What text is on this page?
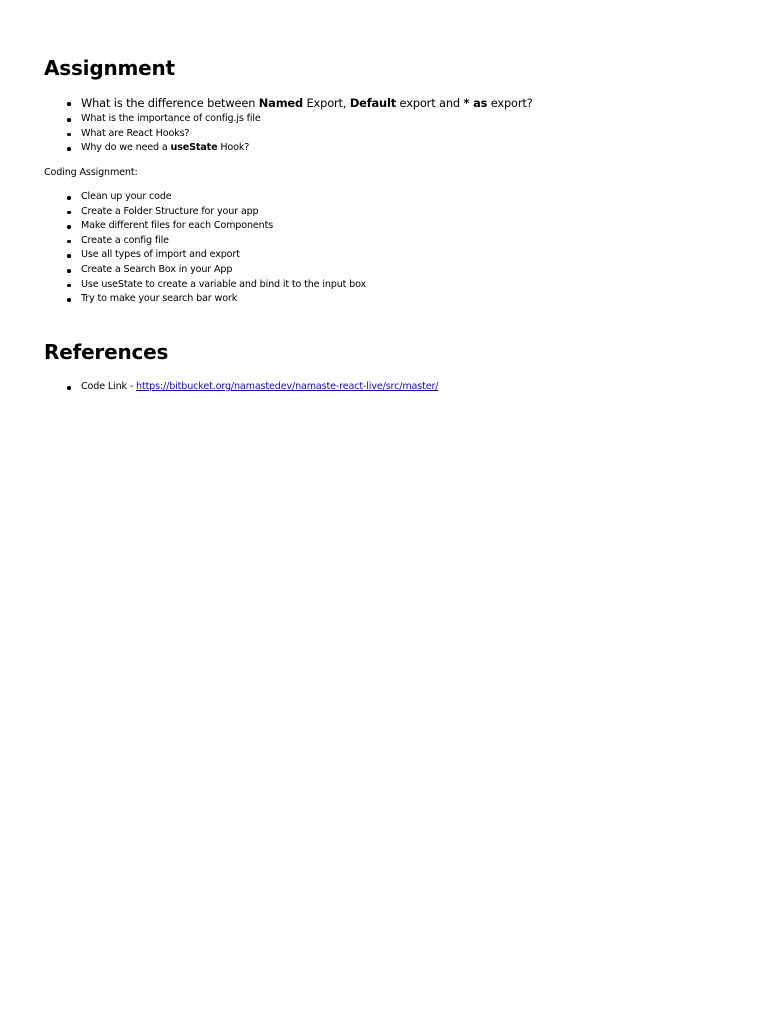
Assignment
What is the difference between Named Export, Default export and * as export?
What is the importance of config.js file
What are React Hooks?
Why do we need a useState Hook?

Coding Assignment:

Clean up your code
Create a Folder Structure for your app
Make different files for each Components
Create a config file
Use all types of import and export
Create a Search Box in your App
Use useState to create a variable and bind it to the input box
Try to make your search bar work
References
Code Link - https://bitbucket.org/namastedev/namaste-react-live/src/master/
